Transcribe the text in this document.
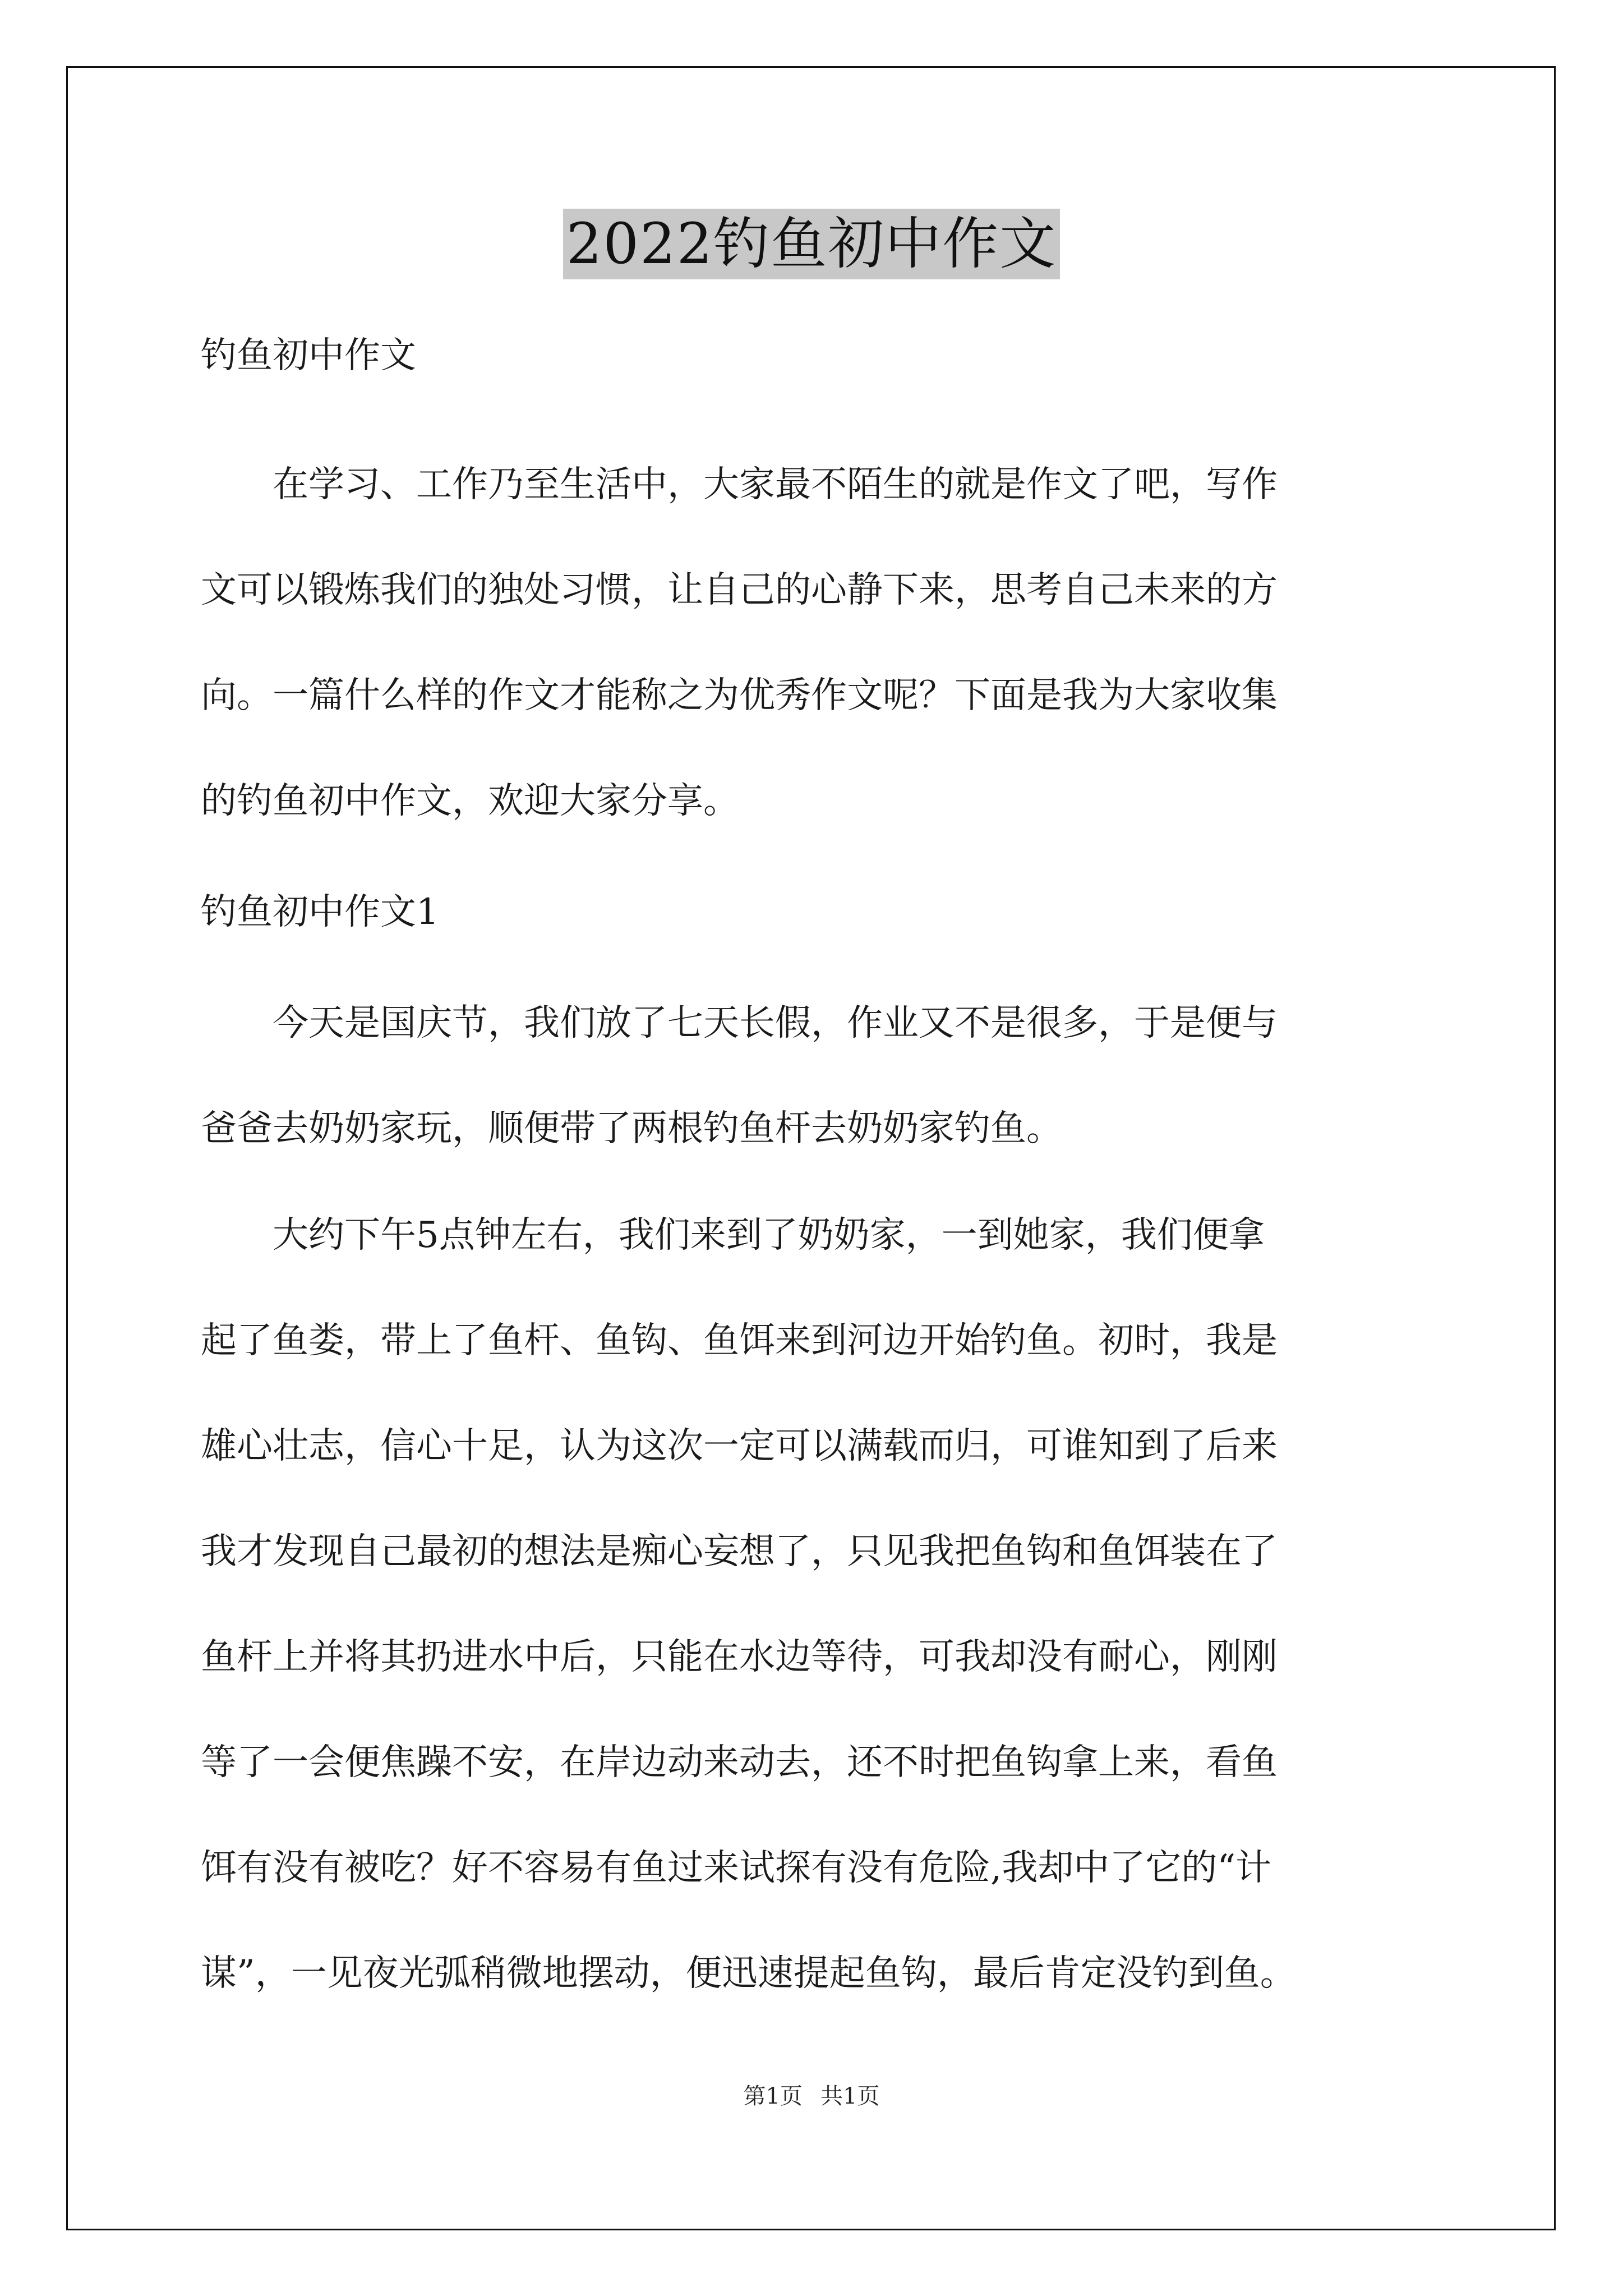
2022钓鱼初中作文
钓鱼初中作文
　　在学习、工作乃至生活中，大家最不陌生的就是作文了吧，写作
文可以锻炼我们的独处习惯，让自己的心静下来，思考自己未来的方
向。一篇什么样的作文才能称之为优秀作文呢？下面是我为大家收集
的钓鱼初中作文，欢迎大家分享。
钓鱼初中作文1
　　今天是国庆节，我们放了七天长假，作业又不是很多，于是便与
爸爸去奶奶家玩，顺便带了两根钓鱼杆去奶奶家钓鱼。
　　大约下午5点钟左右，我们来到了奶奶家，一到她家，我们便拿
起了鱼娄，带上了鱼杆、鱼钩、鱼饵来到河边开始钓鱼。初时，我是
雄心壮志，信心十足，认为这次一定可以满载而归，可谁知到了后来
我才发现自己最初的想法是痴心妄想了，只见我把鱼钩和鱼饵装在了
鱼杆上并将其扔进水中后，只能在水边等待，可我却没有耐心，刚刚
等了一会便焦躁不安，在岸边动来动去，还不时把鱼钩拿上来，看鱼
饵有没有被吃？好不容易有鱼过来试探有没有危险,我却中了它的“计
谋”，一见夜光弧稍微地摆动，便迅速提起鱼钩，最后肯定没钓到鱼。
第1页 共1页
